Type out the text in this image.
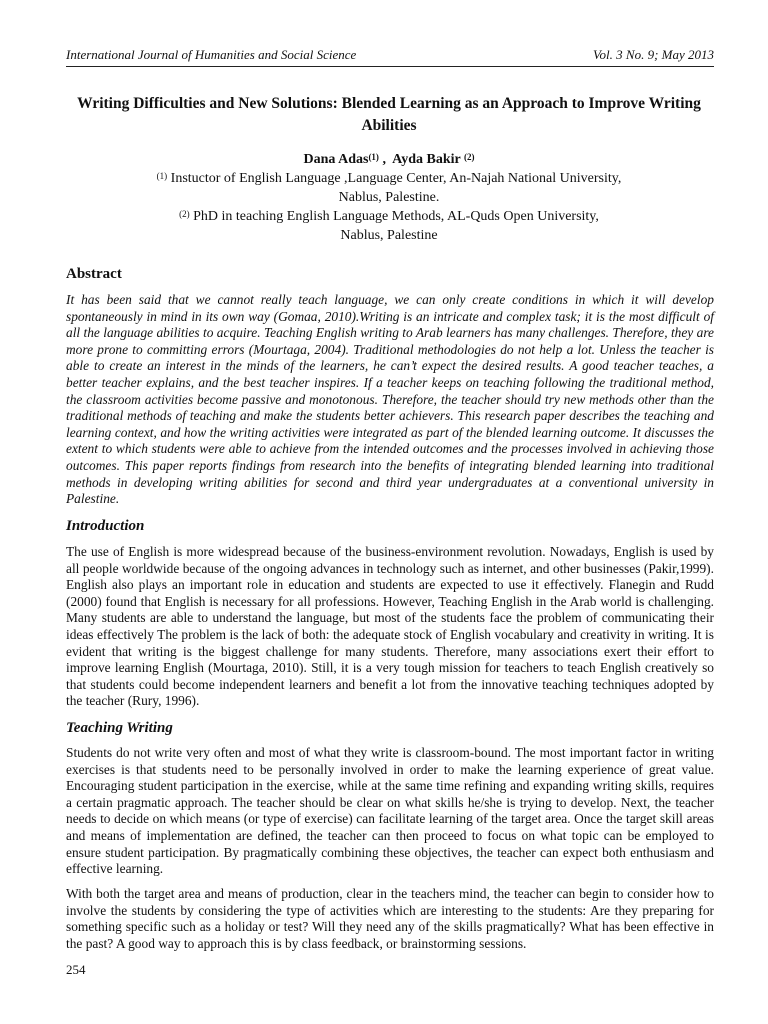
International Journal of Humanities and Social Science	Vol. 3 No. 9; May 2013
Writing Difficulties and New Solutions: Blended Learning as an Approach to Improve Writing Abilities
Dana Adas$^{(1)}$ ,  Ayda Bakir $^{(2)}$
$^{(1)}$ Instuctor of English Language ,Language Center, An-Najah National University,
Nablus, Palestine.
$^{(2)}$ PhD in teaching English Language Methods, AL-Quds Open University,
Nablus, Palestine
Abstract

It has been said that we cannot really teach language, we can only create conditions in which it will develop spontaneously in mind in its own way (Gomaa, 2010).Writing is an intricate and complex task; it is the most difficult of all the language abilities to acquire. Teaching English writing to Arab learners has many challenges. Therefore, they are more prone to committing errors (Mourtaga, 2004). Traditional methodologies do not help a lot. Unless the teacher is able to create an interest in the minds of the learners, he can’t expect the desired results. A good teacher teaches, a better teacher explains, and the best teacher inspires. If a teacher keeps on teaching following the traditional method, the classroom activities become passive and monotonous. Therefore, the teacher should try new methods other than the traditional methods of teaching and make the students better achievers. This research paper describes the teaching and learning context, and how the writing activities were integrated as part of the blended learning outcome. It discusses the extent to which students were able to achieve from the intended outcomes and the processes involved in achieving those outcomes. This paper reports findings from research into the benefits of integrating blended learning into traditional methods in developing writing abilities for second and third year undergraduates at a conventional university in Palestine.

Introduction

The use of English is more widespread because of the business-environment revolution. Nowadays, English is used by all people worldwide because of the ongoing advances in technology such as internet, and other businesses (Pakir,1999). English also plays an important role in education and students are expected to use it effectively. Flanegin and Rudd (2000) found that English is necessary for all professions. However, Teaching English in the Arab world is challenging. Many students are able to understand the language, but most of the students face the problem of communicating their ideas effectively The problem is the lack of both: the adequate stock of English vocabulary and creativity in writing. It is evident that writing is the biggest challenge for many students. Therefore, many associations exert their effort to improve learning English (Mourtaga, 2010). Still, it is a very tough mission for teachers to teach English creatively so that students could become independent learners and benefit a lot from the innovative teaching techniques adopted by the teacher (Rury, 1996).

Teaching Writing

Students do not write very often and most of what they write is classroom-bound. The most important factor in writing exercises is that students need to be personally involved in order to make the learning experience of great value. Encouraging student participation in the exercise, while at the same time refining and expanding writing skills, requires a certain pragmatic approach. The teacher should be clear on what skills he/she is trying to develop. Next, the teacher needs to decide on which means (or type of exercise) can facilitate learning of the target area. Once the target skill areas and means of implementation are defined, the teacher can then proceed to focus on what topic can be employed to ensure student participation. By pragmatically combining these objectives, the teacher can expect both enthusiasm and effective learning.

With both the target area and means of production, clear in the teachers mind, the teacher can begin to consider how to involve the students by considering the type of activities which are interesting to the students: Are they preparing for something specific such as a holiday or test? Will they need any of the skills pragmatically? What has been effective in the past? A good way to approach this is by class feedback, or brainstorming sessions.

254
